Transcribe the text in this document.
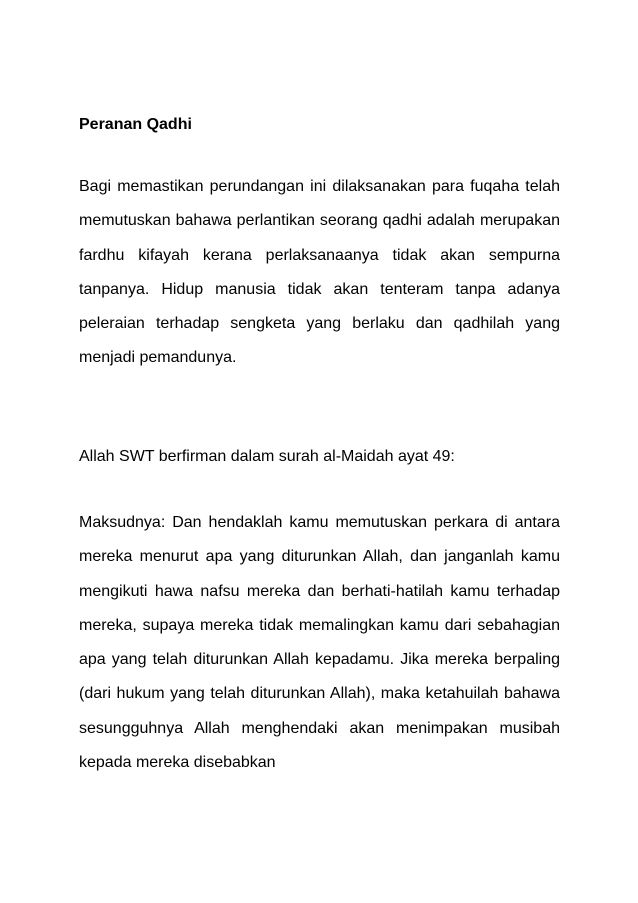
Peranan Qadhi

Bagi memastikan perundangan ini dilaksanakan para fuqaha telah memutuskan bahawa perlantikan seorang qadhi adalah merupakan fardhu kifayah kerana perlaksanaanya tidak akan sempurna tanpanya. Hidup manusia tidak akan tenteram tanpa adanya peleraian terhadap sengketa yang berlaku dan qadhilah yang menjadi pemandunya.

Allah SWT berfirman dalam surah al-Maidah ayat 49:

Maksudnya: Dan hendaklah kamu memutuskan perkara di antara mereka menurut apa yang diturunkan Allah, dan janganlah kamu mengikuti hawa nafsu mereka dan berhati-hatilah kamu terhadap mereka, supaya mereka tidak memalingkan kamu dari sebahagian apa yang telah diturunkan Allah kepadamu. Jika mereka berpaling (dari hukum yang telah diturunkan Allah), maka ketahuilah bahawa sesungguhnya Allah menghendaki akan menimpakan musibah kepada mereka disebabkan
